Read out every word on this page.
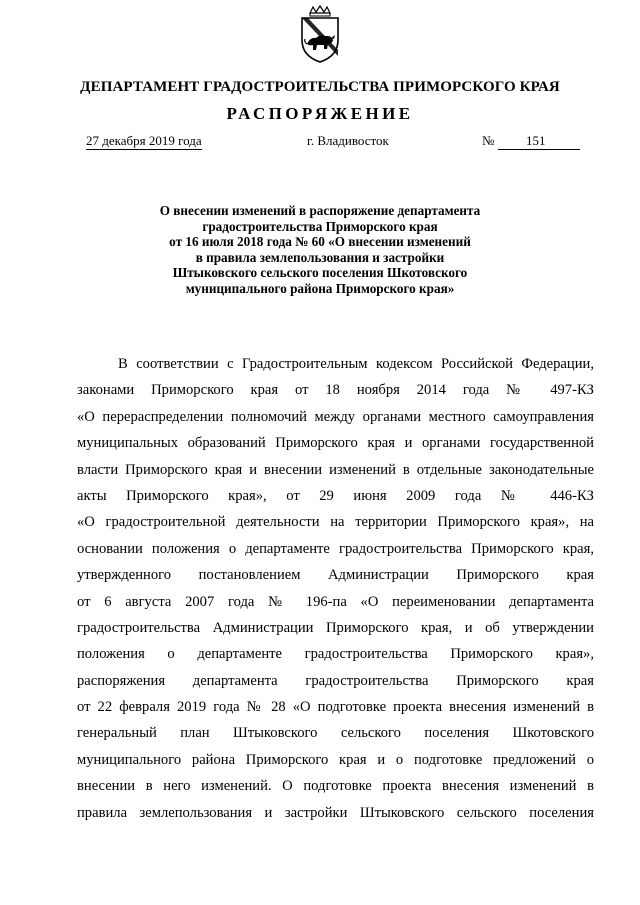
ДЕПАРТАМЕНТ ГРАДОСТРОИТЕЛЬСТВА ПРИМОРСКОГО КРАЯ
РАСПОРЯЖЕНИЕ
27 декабря 2019 года	г. Владивосток	№ 151
О внесении изменений в распоряжение департамента
градостроительства Приморского края
от 16 июля 2018 года № 60 «О внесении изменений
в правила землепользования и застройки
Штыковского сельского поселения Шкотовского
муниципального района Приморского края»
В соответствии с Градостроительным кодексом Российской Федерации,
законами Приморского края от 18 ноября 2014 года № 497-КЗ
«О перераспределении полномочий между органами местного самоуправления
муниципальных образований Приморского края и органами государственной
власти Приморского края и внесении изменений в отдельные законодательные
акты Приморского края», от 29 июня 2009 года № 446-КЗ
«О градостроительной деятельности на территории Приморского края», на
основании положения о департаменте градостроительства Приморского края,
утвержденного постановлением Администрации Приморского края
от 6 августа 2007 года № 196-па «О переименовании департамента
градостроительства Администрации Приморского края, и об утверждении
положения о департаменте градостроительства Приморского края»,
распоряжения департамента градостроительства Приморского края
от 22 февраля 2019 года № 28 «О подготовке проекта внесения изменений в
генеральный план Штыковского сельского поселения Шкотовского
муниципального района Приморского края и о подготовке предложений о
внесении в него изменений. О подготовке проекта внесения изменений в
правила землепользования и застройки Штыковского сельского поселения
